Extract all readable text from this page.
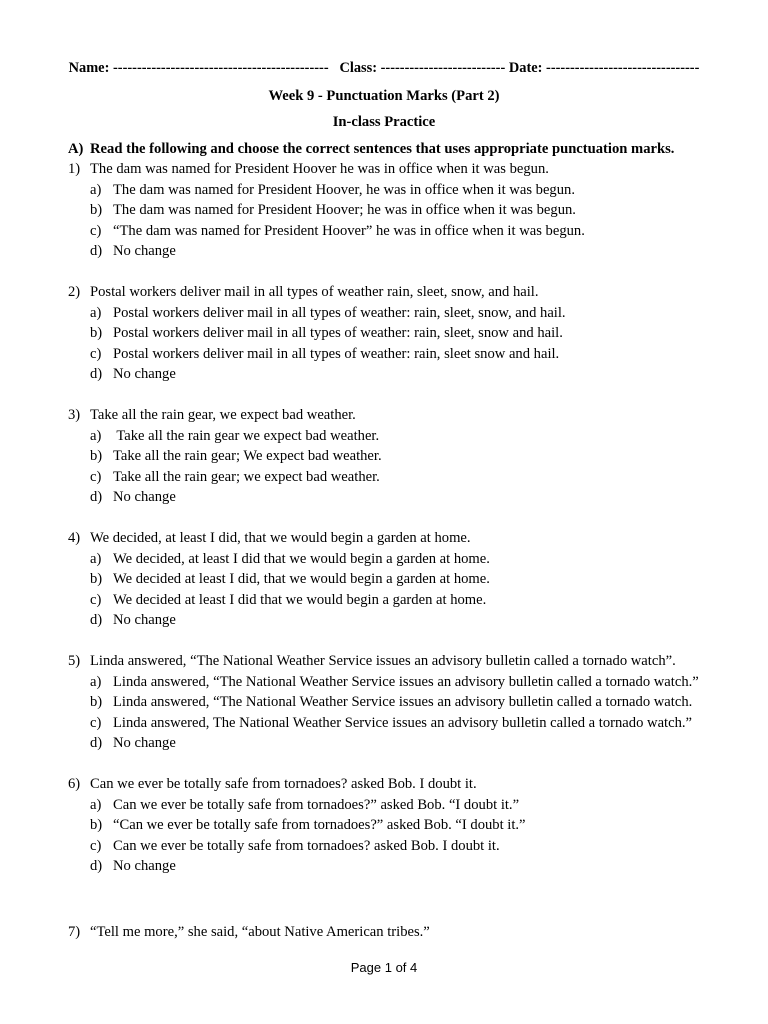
Name: --------------------------------------------- Class: -------------------------- Date: --------------------------------
Week 9 - Punctuation Marks (Part 2)
In-class Practice
A) Read the following and choose the correct sentences that uses appropriate punctuation marks.
1) The dam was named for President Hoover he was in office when it was begun.
a) The dam was named for President Hoover, he was in office when it was begun.
b) The dam was named for President Hoover; he was in office when it was begun.
c) “The dam was named for President Hoover” he was in office when it was begun.
d) No change
2) Postal workers deliver mail in all types of weather rain, sleet, snow, and hail.
a) Postal workers deliver mail in all types of weather: rain, sleet, snow, and hail.
b) Postal workers deliver mail in all types of weather: rain, sleet, snow and hail.
c) Postal workers deliver mail in all types of weather: rain, sleet snow and hail.
d) No change
3) Take all the rain gear, we expect bad weather.
a) Take all the rain gear we expect bad weather.
b) Take all the rain gear; We expect bad weather.
c) Take all the rain gear; we expect bad weather.
d) No change
4) We decided, at least I did, that we would begin a garden at home.
a) We decided, at least I did that we would begin a garden at home.
b) We decided at least I did, that we would begin a garden at home.
c) We decided at least I did that we would begin a garden at home.
d) No change
5) Linda answered, “The National Weather Service issues an advisory bulletin called a tornado watch”.
a) Linda answered, “The National Weather Service issues an advisory bulletin called a tornado watch.”
b) Linda answered, “The National Weather Service issues an advisory bulletin called a tornado watch.
c) Linda answered, The National Weather Service issues an advisory bulletin called a tornado watch.”
d) No change
6) Can we ever be totally safe from tornadoes? asked Bob. I doubt it.
a) Can we ever be totally safe from tornadoes?” asked Bob. “I doubt it.”
b) “Can we ever be totally safe from tornadoes?” asked Bob. “I doubt it.”
c) Can we ever be totally safe from tornadoes? asked Bob. I doubt it.
d) No change
7) “Tell me more,” she said, “about Native American tribes.”
Page 1 of 4
